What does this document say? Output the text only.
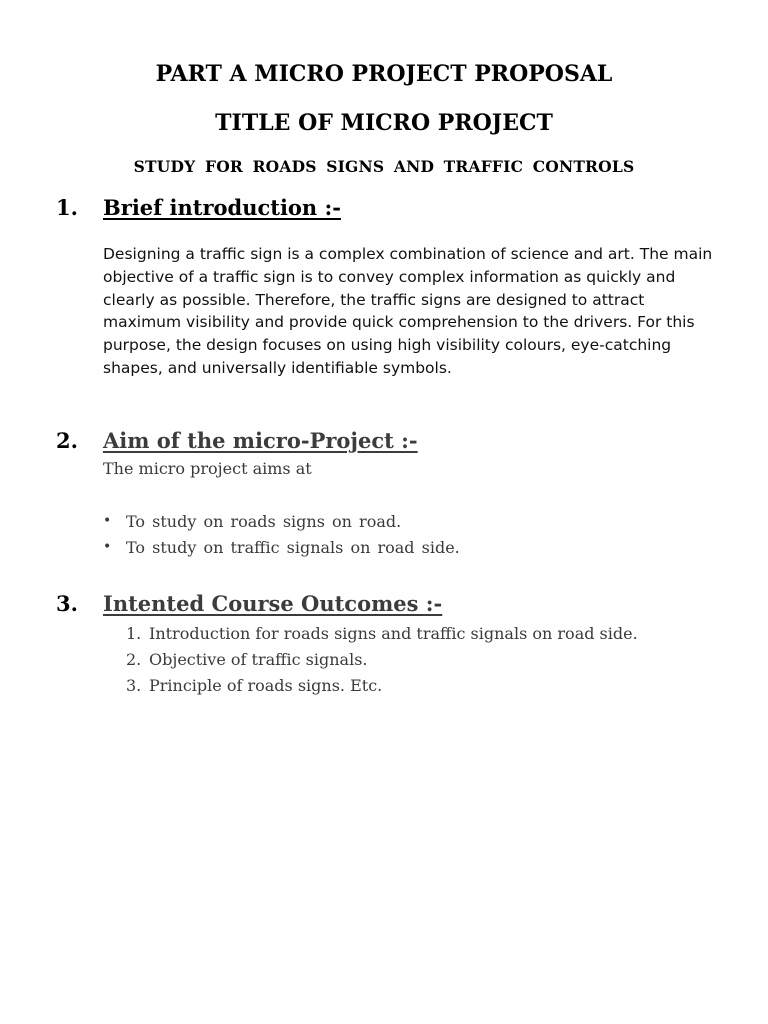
PART A MICRO PROJECT PROPOSAL
TITLE OF MICRO PROJECT
STUDY FOR ROADS SIGNS AND TRAFFIC CONTROLS
1. Brief introduction :-
Designing a traffic sign is a complex combination of science and art. The main objective of a traffic sign is to convey complex information as quickly and clearly as possible. Therefore, the traffic signs are designed to attract maximum visibility and provide quick comprehension to the drivers. For this purpose, the design focuses on using high visibility colours, eye-catching shapes, and universally identifiable symbols.
2. Aim of the micro-Project :-
The micro project aims at
• To study on roads signs on road.
• To study on traffic signals on road side.
3. Intented Course Outcomes :-
1. Introduction for roads signs and traffic signals on road side.
2. Objective of traffic signals.
3. Principle of roads signs. Etc.
